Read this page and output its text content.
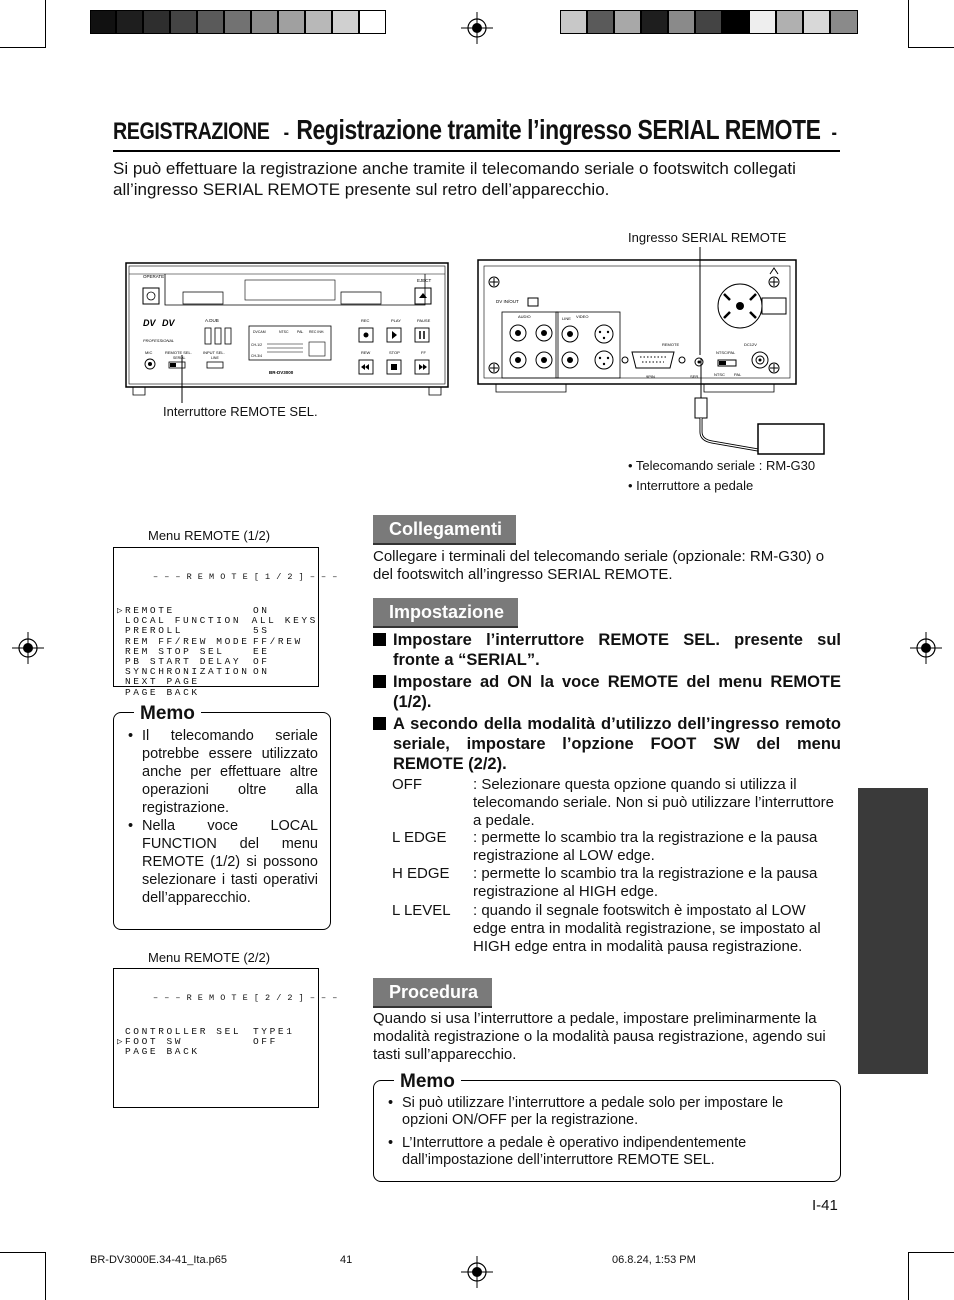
REGISTRAZIONE - Registrazione tramite l’ingresso SERIAL REMOTE -
Si può effettuare la registrazione anche tramite il telecomando seriale o footswitch collegati all’ingresso SERIAL REMOTE presente sul retro dell’apparecchio.
OPERATE
EJECT
DV DV
PROFESSIONAL
A.DUB
DVCAM	NTSC PAL REC INH.
CH-1/2
CH-3/4
BR-DV3000
REC	PLAY	PAUSE
REW	STOP	FF
MIC	REMOTE SEL.
SERIAL
INPUT SEL.
LINE
DV IN/OUT
AUDIO	LINE VIDEO
REMOTE
9PIN	SER.
NTSC/PAL
NTSC PAL
DC12V
Ingresso SERIAL REMOTE
Interruttore REMOTE SEL.
• Telecomando seriale : RM-G30
• Interruttore a pedale
Menu REMOTE (1/2)

– – – R E M O T E [ 1 / 2 ] – – –

▷ REMOTE	ON
LOCAL FUNCTION	ALL KEYS
PREROLL	5S
REM FF/REW MODE FF/REW
REM STOP SEL	EE
PB START DELAY	OF
SYNCHRONIZATION ON
NEXT PAGE
PAGE BACK

Memo
• Il telecomando seriale potrebbe essere utilizzato anche per effettuare altre operazioni oltre alla registrazione.
• Nella voce LOCAL FUNCTION del menu REMOTE (1/2) si possono selezionare i tasti operativi dell’apparecchio.
Menu REMOTE (2/2)

– – – R E M O T E [ 2 / 2 ] – – –

CONTROLLER SEL	TYPE1
▷ FOOT SW	OFF
PAGE BACK

Collegamenti
Collegare i terminali del telecomando seriale (opzionale: RM-G30) o del footswitch all’ingresso SERIAL REMOTE.
Impostazione
Impostare l’interruttore REMOTE SEL. presente sul fronte a “SERIAL”.
Impostare ad ON la voce REMOTE del menu REMOTE (1/2).
A secondo della modalità d’utilizzo dell’ingresso remoto seriale, impostare l’opzione FOOT SW del menu REMOTE (2/2).
OFF	: Selezionare questa opzione quando si utilizza il telecomando seriale. Non si può utilizzare l’interruttore a pedale.
L EDGE : permette lo scambio tra la registrazione e la pausa registrazione al LOW edge.
H EDGE : permette lo scambio tra la registrazione e la pausa registrazione al HIGH edge.
L LEVEL : quando il segnale footswitch è impostato al LOW edge entra in modalità registrazione, se impostato al HIGH edge entra in modalità pausa registrazione.
Procedura
Quando si usa l’interruttore a pedale, impostare preliminarmente la modalità registrazione o la modalità pausa registrazione, agendo sui tasti sull’apparecchio.
Memo
• Si può utilizzare l’interruttore a pedale solo per impostare le opzioni ON/OFF per la registrazione.
• L’Interruttore a pedale è operativo indipendentemente dall’impostazione dell’interruttore REMOTE SEL.
I-41
BR-DV3000E.34-41_Ita.p65	41	06.8.24, 1:53 PM
